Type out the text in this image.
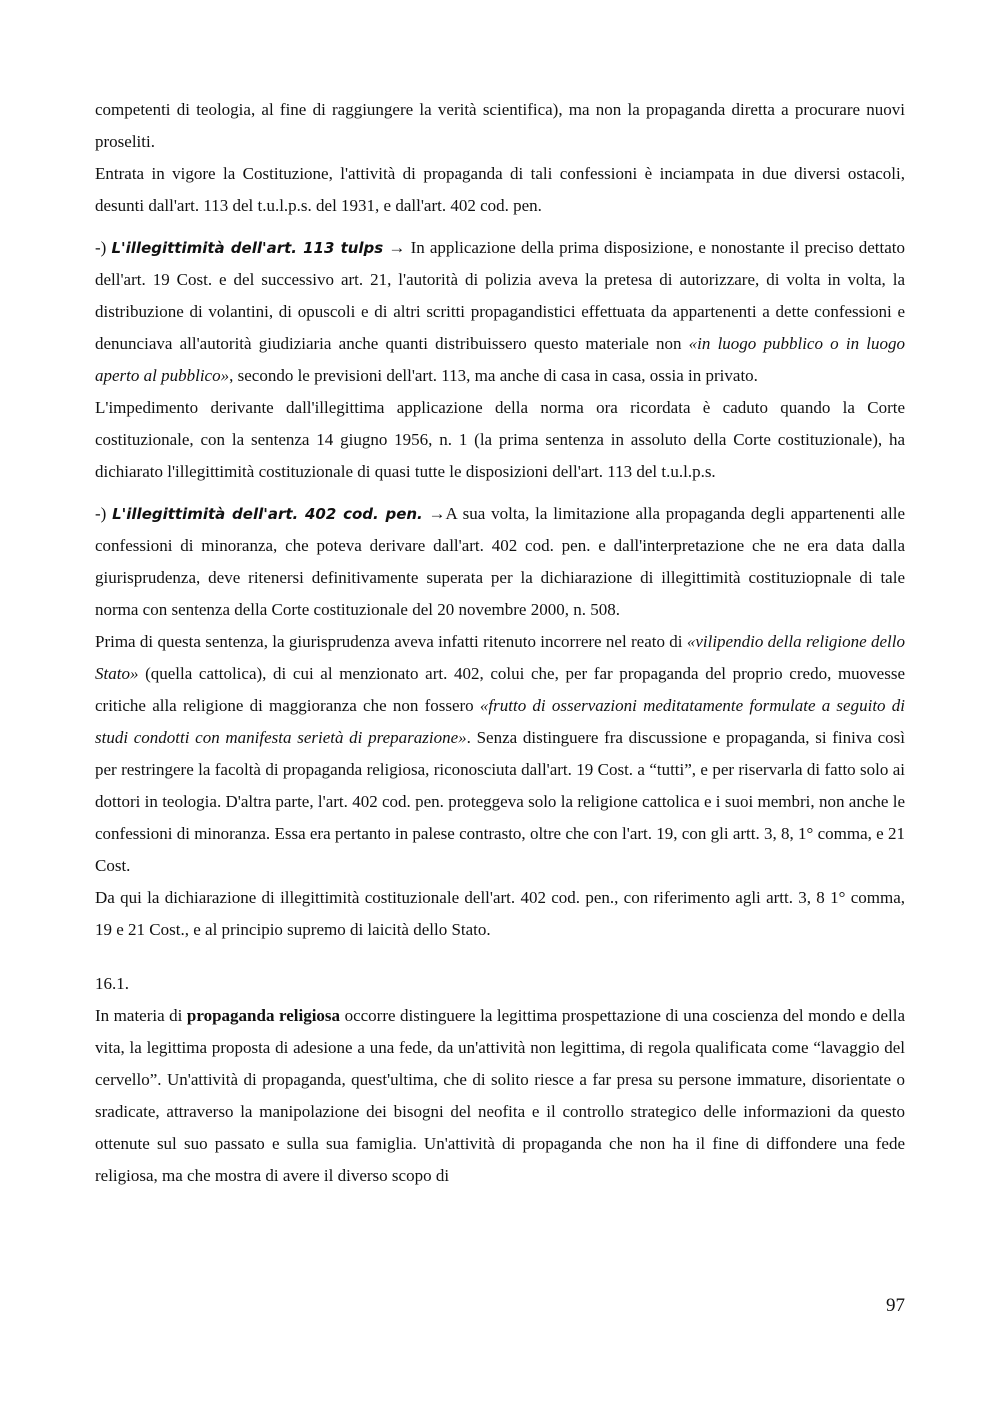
competenti di teologia, al fine di raggiungere la verità scientifica), ma non la propaganda diretta a procurare nuovi proseliti.

Entrata in vigore la Costituzione, l'attività di propaganda di tali confessioni è inciampata in due diversi ostacoli, desunti dall'art. 113 del t.u.l.p.s. del 1931, e dall'art. 402 cod. pen.

-) L'illegittimità dell'art. 113 tulps → In applicazione della prima disposizione, e nonostante il preciso dettato dell'art. 19 Cost. e del successivo art. 21, l'autorità di polizia aveva la pretesa di autorizzare, di volta in volta, la distribuzione di volantini, di opuscoli e di altri scritti propagandistici effettuata da appartenenti a dette confessioni e denunciava all'autorità giudiziaria anche quanti distribuissero questo materiale non «in luogo pubblico o in luogo aperto al pubblico», secondo le previsioni dell'art. 113, ma anche di casa in casa, ossia in privato.

L'impedimento derivante dall'illegittima applicazione della norma ora ricordata è caduto quando la Corte costituzionale, con la sentenza 14 giugno 1956, n. 1 (la prima sentenza in assoluto della Corte costituzionale), ha dichiarato l'illegittimità costituzionale di quasi tutte le disposizioni dell'art. 113 del t.u.l.p.s.

-) L'illegittimità dell'art. 402 cod. pen. →A sua volta, la limitazione alla propaganda degli appartenenti alle confessioni di minoranza, che poteva derivare dall'art. 402 cod. pen. e dall'interpretazione che ne era data dalla giurisprudenza, deve ritenersi definitivamente superata per la dichiarazione di illegittimità costituziopnale di tale norma con sentenza della Corte costituzionale del 20 novembre 2000, n. 508.

Prima di questa sentenza, la giurisprudenza aveva infatti ritenuto incorrere nel reato di «vilipendio della religione dello Stato» (quella cattolica), di cui al menzionato art. 402, colui che, per far propaganda del proprio credo, muovesse critiche alla religione di maggioranza che non fossero «frutto di osservazioni meditatamente formulate a seguito di studi condotti con manifesta serietà di preparazione». Senza distinguere fra discussione e propaganda, si finiva così per restringere la facoltà di propaganda religiosa, riconosciuta dall'art. 19 Cost. a “tutti”, e per riservarla di fatto solo ai dottori in teologia. D'altra parte, l'art. 402 cod. pen. proteggeva solo la religione cattolica e i suoi membri, non anche le confessioni di minoranza. Essa era pertanto in palese contrasto, oltre che con l'art. 19, con gli artt. 3, 8, 1° comma, e 21 Cost.

Da qui la dichiarazione di illegittimità costituzionale dell'art. 402 cod. pen., con riferimento agli artt. 3, 8 1° comma, 19 e 21 Cost., e al principio supremo di laicità dello Stato.

16.1.

In materia di propaganda religiosa occorre distinguere la legittima prospettazione di una coscienza del mondo e della vita, la legittima proposta di adesione a una fede, da un'attività non legittima, di regola qualificata come “lavaggio del cervello”. Un'attività di propaganda, quest'ultima, che di solito riesce a far presa su persone immature, disorientate o sradicate, attraverso la manipolazione dei bisogni del neofita e il controllo strategico delle informazioni da questo ottenute sul suo passato e sulla sua famiglia. Un'attività di propaganda che non ha il fine di diffondere una fede religiosa, ma che mostra di avere il diverso scopo di

97
